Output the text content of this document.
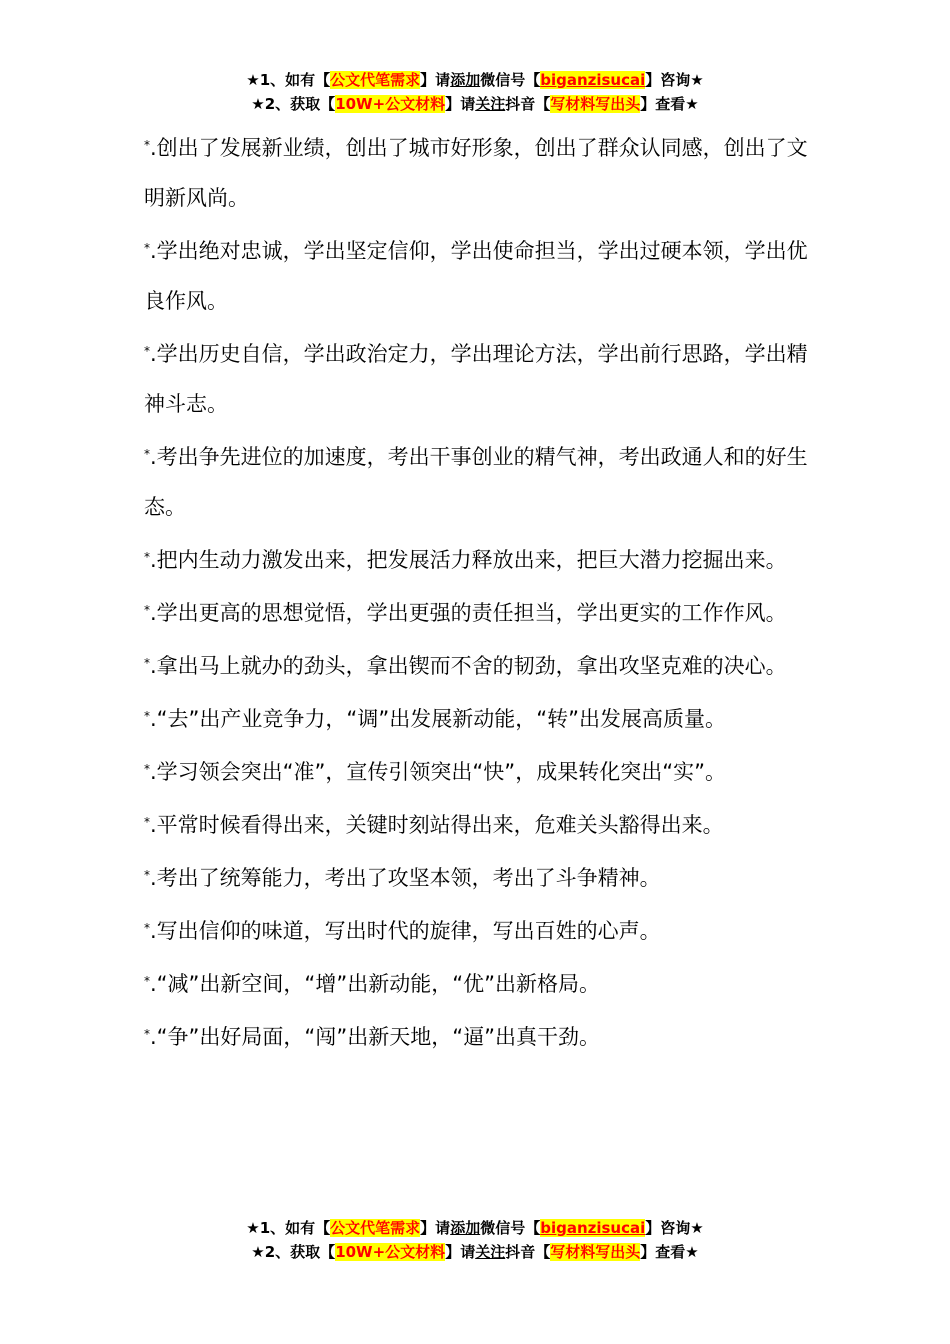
★1、如有【公文代笔需求】请添加微信号【biganzisucai】咨询★
★2、获取【10W+公文材料】请关注抖音【写材料写出头】查看★

*.创出了发展新业绩，创出了城市好形象，创出了群众认同感，创出了文明新风尚。

*.学出绝对忠诚，学出坚定信仰，学出使命担当，学出过硬本领，学出优良作风。

*.学出历史自信，学出政治定力，学出理论方法，学出前行思路，学出精神斗志。

*.考出争先进位的加速度，考出干事创业的精气神，考出政通人和的好生态。

*.把内生动力激发出来，把发展活力释放出来，把巨大潜力挖掘出来。

*.学出更高的思想觉悟，学出更强的责任担当，学出更实的工作作风。

*.拿出马上就办的劲头，拿出锲而不舍的韧劲，拿出攻坚克难的决心。

*.“去”出产业竞争力，“调”出发展新动能，“转”出发展高质量。

*.学习领会突出“准”，宣传引领突出“快”，成果转化突出“实”。

*.平常时候看得出来，关键时刻站得出来，危难关头豁得出来。

*.考出了统筹能力，考出了攻坚本领，考出了斗争精神。

*.写出信仰的味道，写出时代的旋律，写出百姓的心声。

*.“减”出新空间，“增”出新动能，“优”出新格局。

*.“争”出好局面，“闯”出新天地，“逼”出真干劲。

★1、如有【公文代笔需求】请添加微信号【biganzisucai】咨询★
★2、获取【10W+公文材料】请关注抖音【写材料写出头】查看★
